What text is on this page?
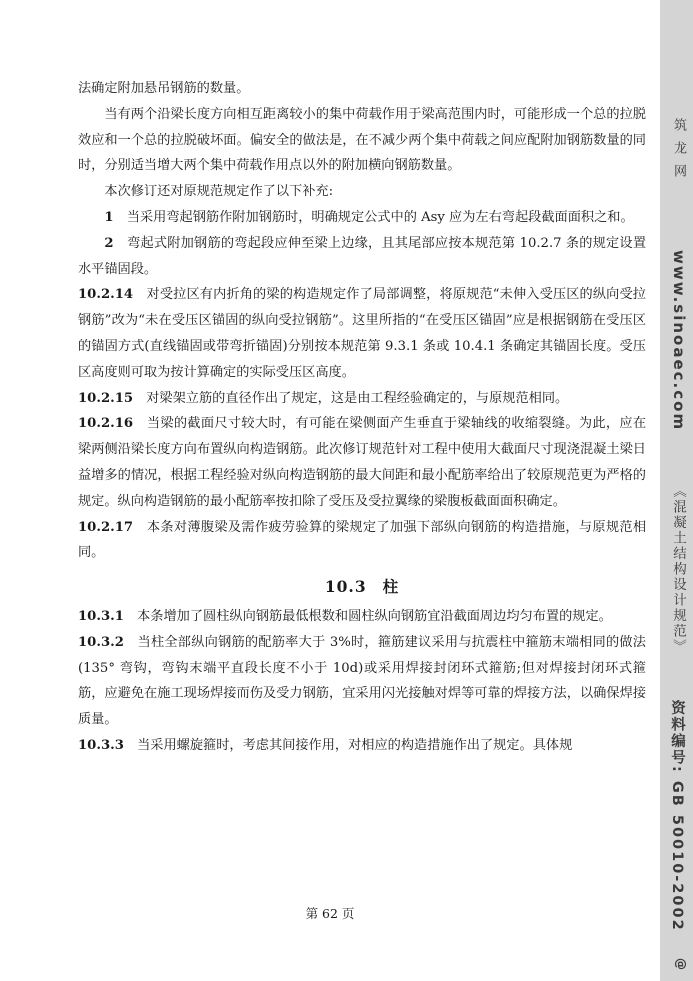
法确定附加悬吊钢筋的数量。

当有两个沿梁长度方向相互距离较小的集中荷载作用于梁高范围内时，可能形成一个总的拉脱效应和一个总的拉脱破坏面。偏安全的做法是，在不减少两个集中荷载之间应配附加钢筋数量的同时，分别适当增大两个集中荷载作用点以外的附加横向钢筋数量。

本次修订还对原规范规定作了以下补充:

1　 当采用弯起钢筋作附加钢筋时，明确规定公式中的 Asy 应为左右弯起段截面面积之和。

2　 弯起式附加钢筋的弯起段应伸至梁上边缘，且其尾部应按本规范第 10.2.7 条的规定设置水平锚固段。

10.2.14　 对受拉区有内折角的梁的构造规定作了局部调整，将原规范“未伸入受压区的纵向受拉钢筋”改为“未在受压区锚固的纵向受拉钢筋”。这里所指的“在受压区锚固”应是根据钢筋在受压区的锚固方式(直线锚固或带弯折锚固)分别按本规范第 9.3.1 条或 10.4.1 条确定其锚固长度。受压区高度则可取为按计算确定的实际受压区高度。

10.2.15　 对梁架立筋的直径作出了规定，这是由工程经验确定的，与原规范相同。

10.2.16　 当梁的截面尺寸较大时，有可能在梁侧面产生垂直于梁轴线的收缩裂缝。为此，应在梁两侧沿梁长度方向布置纵向构造钢筋。此次修订规范针对工程中使用大截面尺寸现浇混凝土梁日益增多的情况，根据工程经验对纵向构造钢筋的最大间距和最小配筋率给出了较原规范更为严格的规定。纵向构造钢筋的最小配筋率按扣除了受压及受拉翼缘的梁腹板截面面积确定。

10.2.17　 本条对薄腹梁及需作疲劳验算的梁规定了加强下部纵向钢筋的构造措施，与原规范相同。

10.3 柱

10.3.1　 本条增加了圆柱纵向钢筋最低根数和圆柱纵向钢筋宜沿截面周边均匀布置的规定。

10.3.2　 当柱全部纵向钢筋的配筋率大于 3%时，箍筋建议采用与抗震柱中箍筋末端相同的做法(135° 弯钩，弯钩末端平直段长度不小于 10d)或采用焊接封闭环式箍筋;但对焊接封闭环式箍筋，应避免在施工现场焊接而伤及受力钢筋，宜采用闪光接触对焊等可靠的焊接方法，以确保焊接质量。

10.3.3　 当采用螺旋箍时，考虑其间接作用，对相应的构造措施作出了规定。具体规

第 62 页
筑龙网
www.sinoaec.com
《混凝土结构设计规范》
资料编号: GB 50010-2002
@
